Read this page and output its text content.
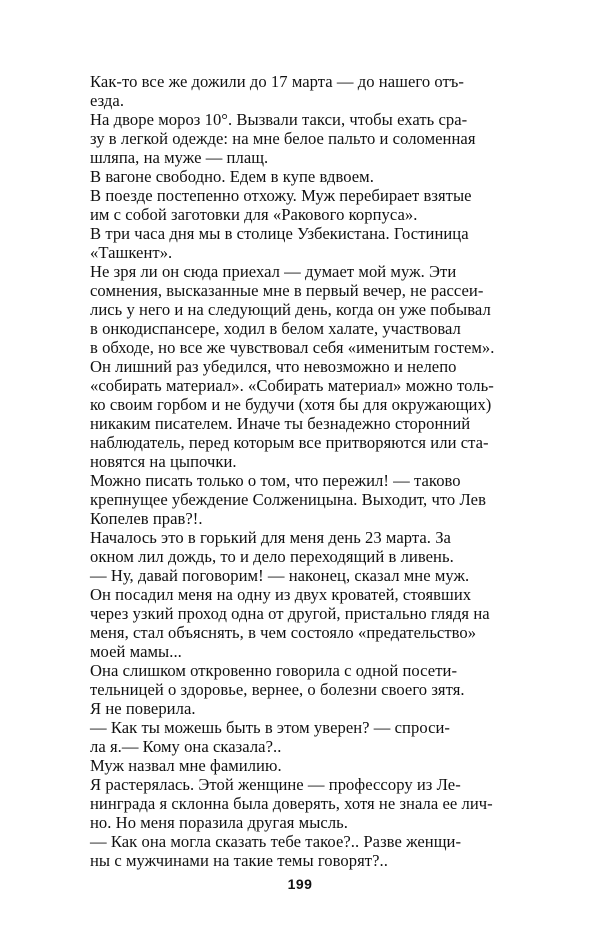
Как-то все же дожили до 17 марта — до нашего отъ-
езда.
На дворе мороз 10°. Вызвали такси, чтобы ехать сра-
зу в легкой одежде: на мне белое пальто и соломенная
шляпа, на муже — плащ.
В вагоне свободно. Едем в купе вдвоем.
В поезде постепенно отхожу. Муж перебирает взятые
им с собой заготовки для «Ракового корпуса».
В три часа дня мы в столице Узбекистана. Гостиница
«Ташкент».
Не зря ли он сюда приехал — думает мой муж. Эти
сомнения, высказанные мне в первый вечер, не рассеи-
лись у него и на следующий день, когда он уже побывал
в онкодиспансере, ходил в белом халате, участвовал
в обходе, но все же чувствовал себя «именитым гостем».
Он лишний раз убедился, что невозможно и нелепо
«собирать материал». «Собирать материал» можно толь-
ко своим горбом и не будучи (хотя бы для окружающих)
никаким писателем. Иначе ты безнадежно сторонний
наблюдатель, перед которым все притворяются или ста-
новятся на цыпочки.
Можно писать только о том, что пережил! — таково
крепнущее убеждение Солженицына. Выходит, что Лев
Копелев прав?!.
Началось это в горький для меня день 23 марта. За
окном лил дождь, то и дело переходящий в ливень.
— Ну, давай поговорим! — наконец, сказал мне муж.
Он посадил меня на одну из двух кроватей, стоявших
через узкий проход одна от другой, пристально глядя на
меня, стал объяснять, в чем состояло «предательство»
моей мамы...
Она слишком откровенно говорила с одной посети-
тельницей о здоровье, вернее, о болезни своего зятя.
Я не поверила.
— Как ты можешь быть в этом уверен? — спроси-
ла я.— Кому она сказала?..
Муж назвал мне фамилию.
Я растерялась. Этой женщине — профессору из Ле-
нинграда я склонна была доверять, хотя не знала ее лич-
но. Но меня поразила другая мысль.
— Как она могла сказать тебе такое?.. Разве женщи-
ны с мужчинами на такие темы говорят?..
199
